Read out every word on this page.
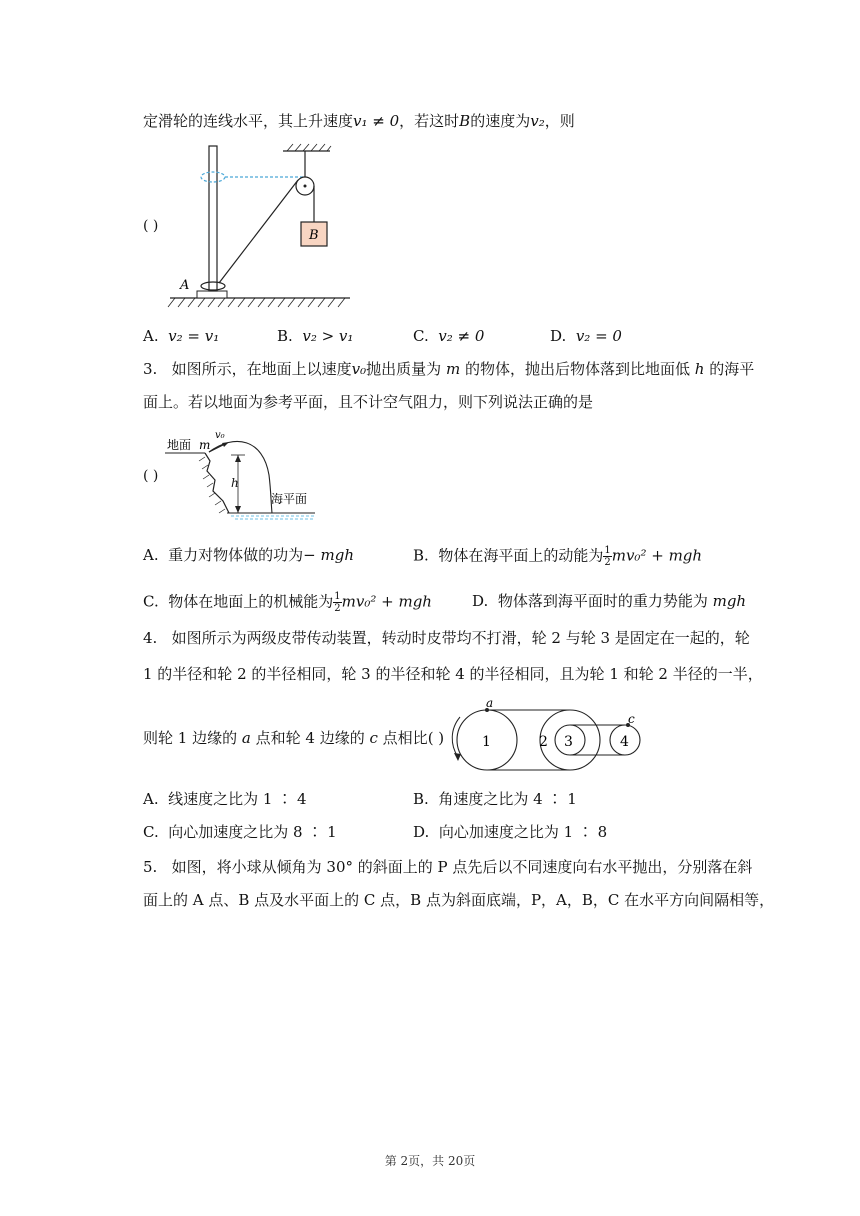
定滑轮的连线水平，其上升速度v₁ ≠ 0，若这时B的速度为v₂，则
A
B
( )
A. v₂ = v₁	B. v₂ > v₁	C. v₂ ≠ 0	D. v₂ = 0
3. 如图所示，在地面上以速度v₀抛出质量为 m 的物体，抛出后物体落到比地面低 h 的海平
面上。若以地面为参考平面，且不计空气阻力，则下列说法正确的是
地面 m
v₀
h
海平面
( )
A. 重力对物体做的功为− mgh	B. 物体在海平面上的动能为 $\frac{1}{2} mv_0^2$ + mgh
C. 物体在地面上的机械能为 $\frac{1}{2} mv_0^2$ + mgh	D. 物体落到海平面时的重力势能为 mgh
4. 如图所示为两级皮带传动装置，转动时皮带均不打滑，轮 2 与轮 3 是固定在一起的，轮
1 的半径和轮 2 的半径相同，轮 3 的半径和轮 4 的半径相同，且为轮 1 和轮 2 半径的一半，
则轮 1 边缘的 a 点和轮 4 边缘的 c 点相比( )	1
a
2 3	4
c
A. 线速度之比为 1 ∶ 4	B. 角速度之比为 4 ∶ 1
C. 向心加速度之比为 8 ∶ 1	D. 向心加速度之比为 1 ∶ 8
5. 如图，将小球从倾角为 30° 的斜面上的 P 点先后以不同速度向右水平抛出，分别落在斜
面上的 A 点、B 点及水平面上的 C 点，B 点为斜面底端，P，A，B，C 在水平方向间隔相等，
第 2页，共 20页
